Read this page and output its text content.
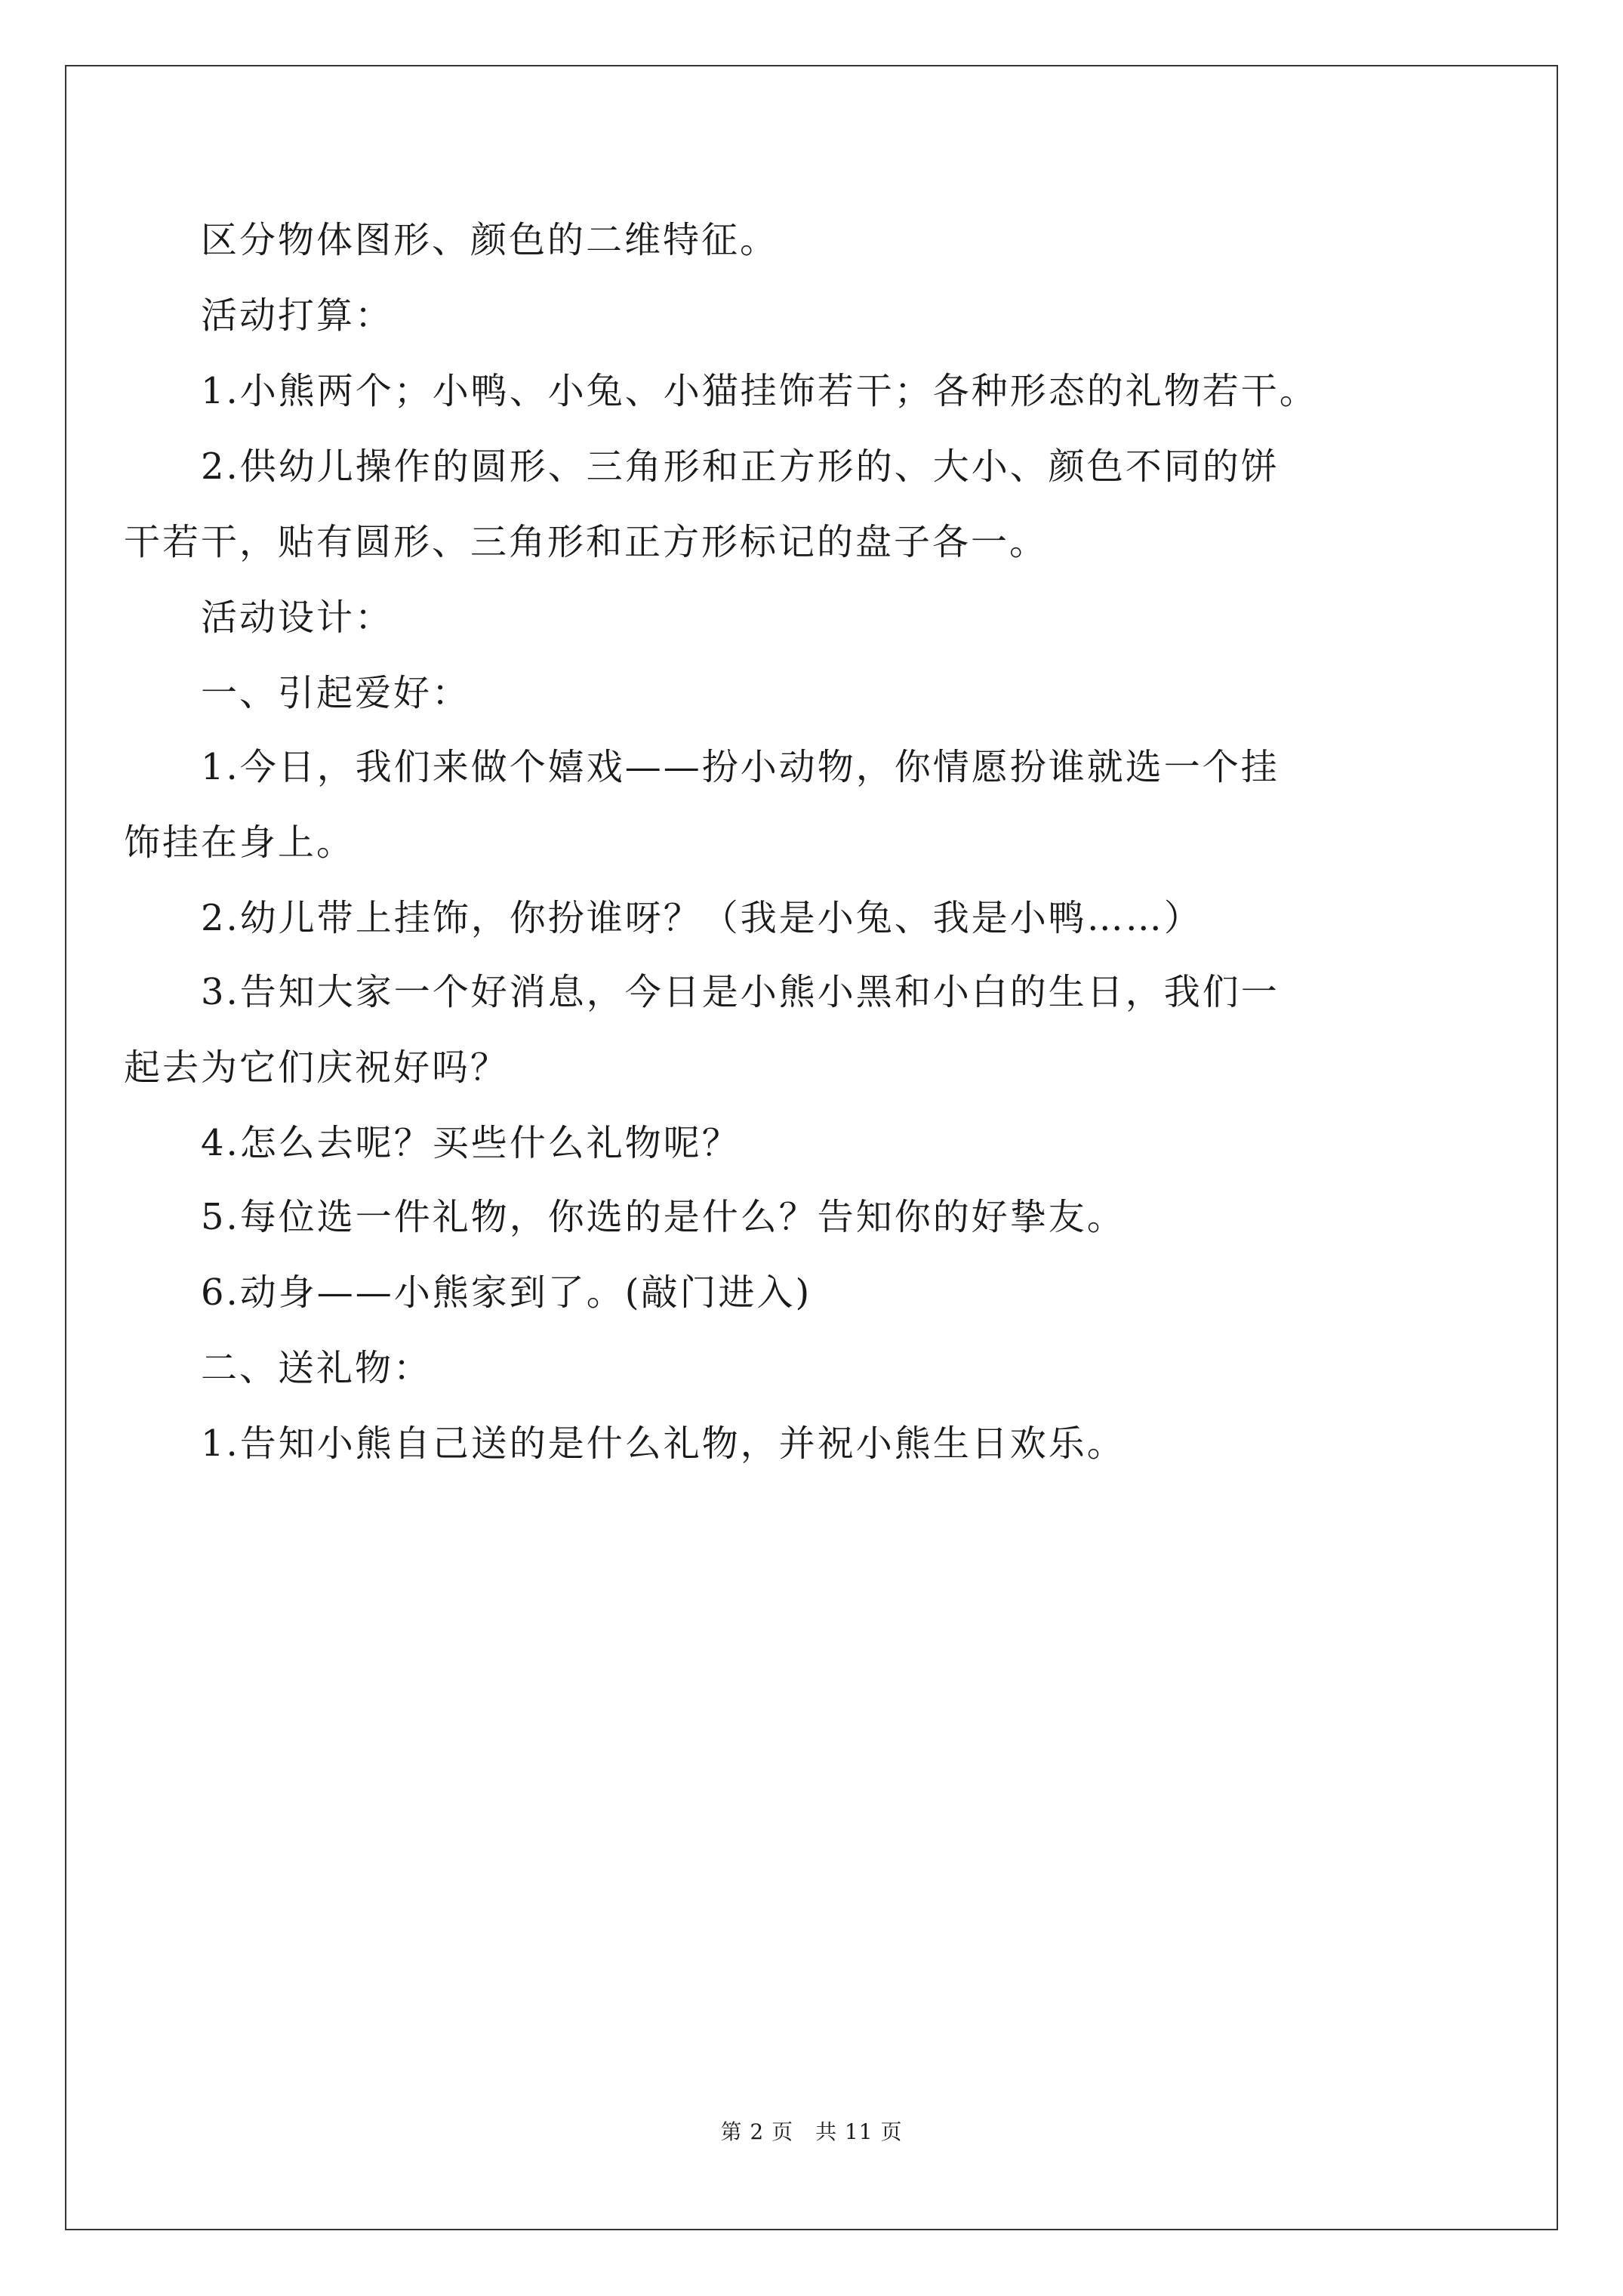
区分物体图形、颜色的二维特征。
活动打算：
1.小熊两个；小鸭、小兔、小猫挂饰若干；各种形态的礼物若干。
2.供幼儿操作的圆形、三角形和正方形的、大小、颜色不同的饼
干若干，贴有圆形、三角形和正方形标记的盘子各一。
活动设计：
一、引起爱好：
1.今日，我们来做个嬉戏——扮小动物，你情愿扮谁就选一个挂
饰挂在身上。
2.幼儿带上挂饰，你扮谁呀？（我是小兔、我是小鸭……）
3.告知大家一个好消息，今日是小熊小黑和小白的生日，我们一
起去为它们庆祝好吗？
4.怎么去呢？买些什么礼物呢？
5.每位选一件礼物，你选的是什么？告知你的好挚友。
6.动身——小熊家到了。(敲门进入)
二、送礼物：
1.告知小熊自己送的是什么礼物，并祝小熊生日欢乐。
第 2 页　共 11 页
